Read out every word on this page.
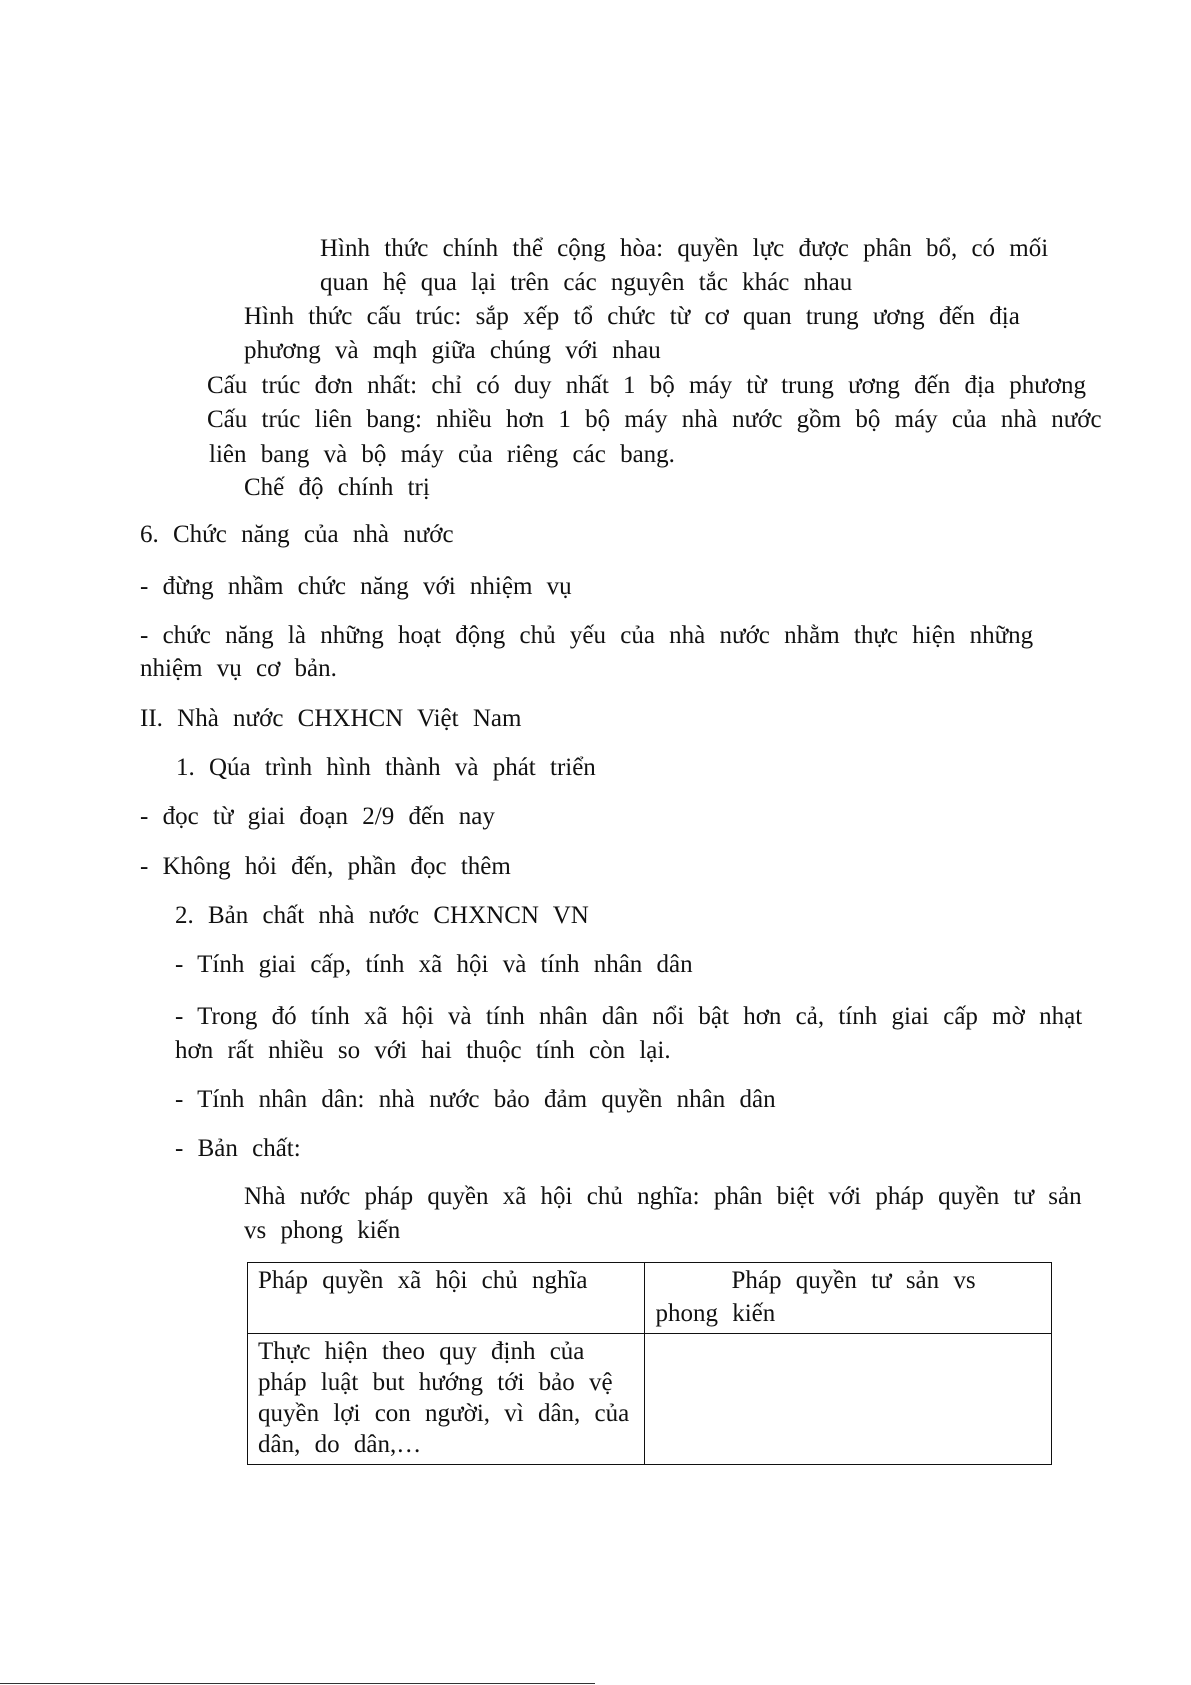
Hình thức chính thể cộng hòa: quyền lực được phân bổ, có mối
quan hệ qua lại trên các nguyên tắc khác nhau
Hình thức cấu trúc: sắp xếp tổ chức từ cơ quan trung ương đến địa
phương và mqh giữa chúng với nhau
Cấu trúc đơn nhất: chỉ có duy nhất 1 bộ máy từ trung ương đến địa phương
Cấu trúc liên bang: nhiều hơn 1 bộ máy nhà nước gồm bộ máy của nhà nước
liên bang và bộ máy của riêng các bang.
Chế độ chính trị
6. Chức năng của nhà nước
- đừng nhầm chức năng với nhiệm vụ
- chức năng là những hoạt động chủ yếu của nhà nước nhằm thực hiện những
nhiệm vụ cơ bản.
II. Nhà nước CHXHCN Việt Nam
1. Qúa trình hình thành và phát triển
- đọc từ giai đoạn 2/9 đến nay
- Không hỏi đến, phần đọc thêm
2. Bản chất nhà nước CHXNCN VN
- Tính giai cấp, tính xã hội và tính nhân dân
- Trong đó tính xã hội và tính nhân dân nổi bật hơn cả, tính giai cấp mờ nhạt
hơn rất nhiều so với hai thuộc tính còn lại.
- Tính nhân dân: nhà nước bảo đảm quyền nhân dân
- Bản chất:
Nhà nước pháp quyền xã hội chủ nghĩa: phân biệt với pháp quyền tư sản
vs phong kiến
Pháp quyền xã hội chủ nghĩa	Pháp quyền tư sản vs phong kiến
Thực hiện theo quy định của pháp luật but hướng tới bảo vệ quyền lợi con người, vì dân, của dân, do dân,…	
